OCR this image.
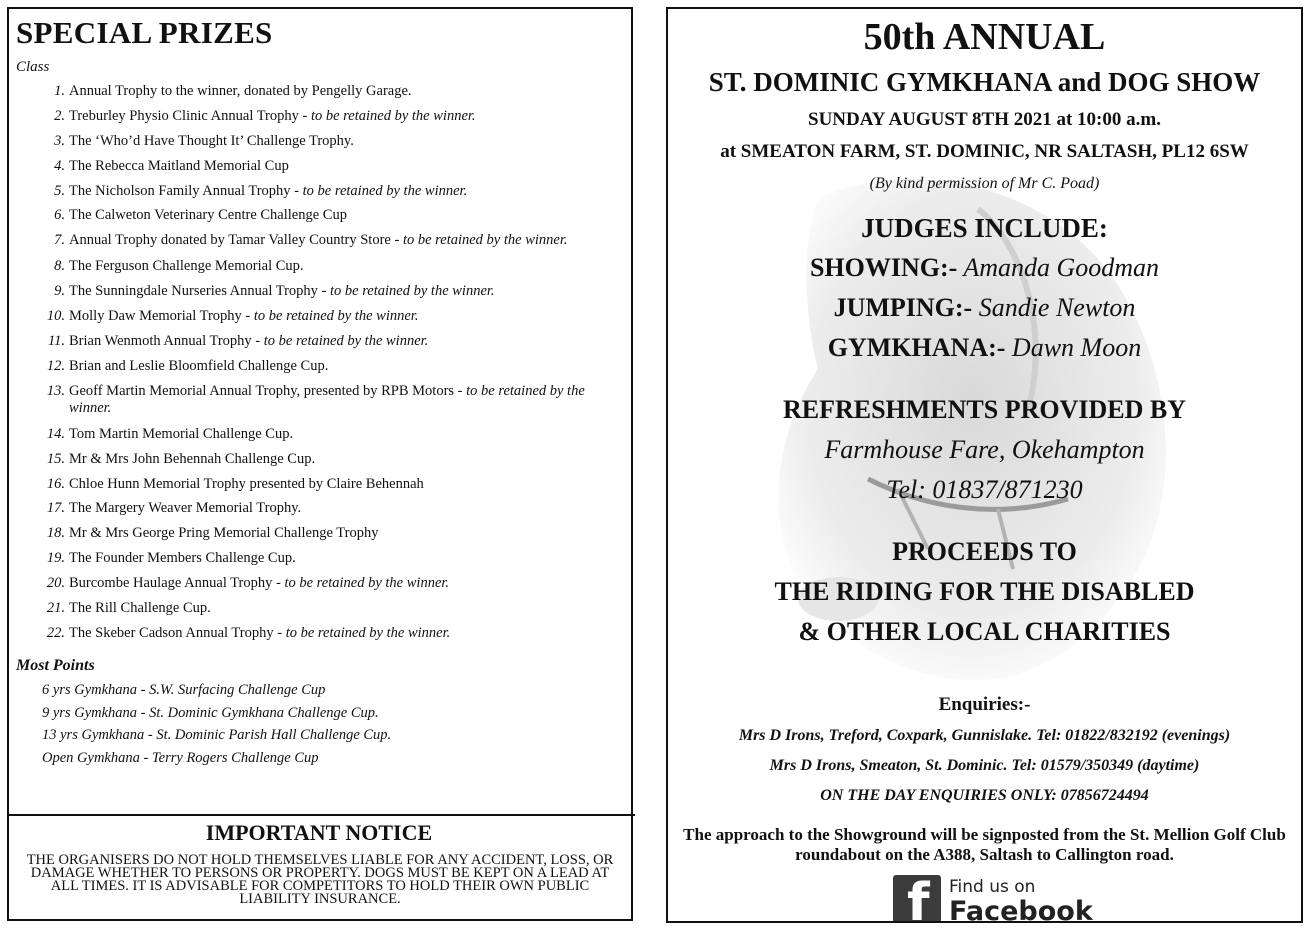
SPECIAL PRIZES
Class
1. Annual Trophy to the winner, donated by Pengelly Garage.
2. Treburley Physio Clinic Annual Trophy - to be retained by the winner.
3. The ‘Who’d Have Thought It’ Challenge Trophy.
4. The Rebecca Maitland Memorial Cup
5. The Nicholson Family Annual Trophy - to be retained by the winner.
6. The Calweton Veterinary Centre Challenge Cup
7. Annual Trophy donated by Tamar Valley Country Store - to be retained by the winner.
8. The Ferguson Challenge Memorial Cup.
9. The Sunningdale Nurseries Annual Trophy - to be retained by the winner.
10. Molly Daw Memorial Trophy - to be retained by the winner.
11. Brian Wenmoth Annual Trophy - to be retained by the winner.
12. Brian and Leslie Bloomfield Challenge Cup.
13. Geoff Martin Memorial Annual Trophy, presented by RPB Motors - to be retained by the winner.
14. Tom Martin Memorial Challenge Cup.
15. Mr & Mrs John Behennah Challenge Cup.
16. Chloe Hunn Memorial Trophy presented by Claire Behennah
17. The Margery Weaver Memorial Trophy.
18. Mr & Mrs George Pring Memorial Challenge Trophy
19. The Founder Members Challenge Cup.
20. Burcombe Haulage Annual Trophy - to be retained by the winner.
21. The Rill Challenge Cup.
22. The Skeber Cadson Annual Trophy - to be retained by the winner.
Most Points
6 yrs Gymkhana - S.W. Surfacing Challenge Cup
9 yrs Gymkhana - St. Dominic Gymkhana Challenge Cup.
13 yrs Gymkhana - St. Dominic Parish Hall Challenge Cup.
Open Gymkhana - Terry Rogers Challenge Cup
IMPORTANT NOTICE
THE ORGANISERS DO NOT HOLD THEMSELVES LIABLE FOR ANY ACCIDENT, LOSS, OR DAMAGE WHETHER TO PERSONS OR PROPERTY. DOGS MUST BE KEPT ON A LEAD AT ALL TIMES. IT IS ADVISABLE FOR COMPETITORS TO HOLD THEIR OWN PUBLIC LIABILITY INSURANCE.
50th ANNUAL
ST. DOMINIC GYMKHANA and DOG SHOW
SUNDAY AUGUST 8TH 2021 at 10:00 a.m.
at SMEATON FARM, ST. DOMINIC, NR SALTASH, PL12 6SW
(By kind permission of Mr C. Poad)
JUDGES INCLUDE:
SHOWING:- Amanda Goodman
JUMPING:- Sandie Newton
GYMKHANA:- Dawn Moon
REFRESHMENTS PROVIDED BY
Farmhouse Fare, Okehampton
Tel: 01837/871230
PROCEEDS TO
THE RIDING FOR THE DISABLED
& OTHER LOCAL CHARITIES
Enquiries:-
Mrs D Irons, Treford, Coxpark, Gunnislake. Tel: 01822/832192 (evenings)
Mrs D Irons, Smeaton, St. Dominic. Tel: 01579/350349 (daytime)
ON THE DAY ENQUIRIES ONLY: 07856724494
The approach to the Showground will be signposted from the St. Mellion Golf Club roundabout on the A388, Saltash to Callington road.
f Find us on
Facebook
